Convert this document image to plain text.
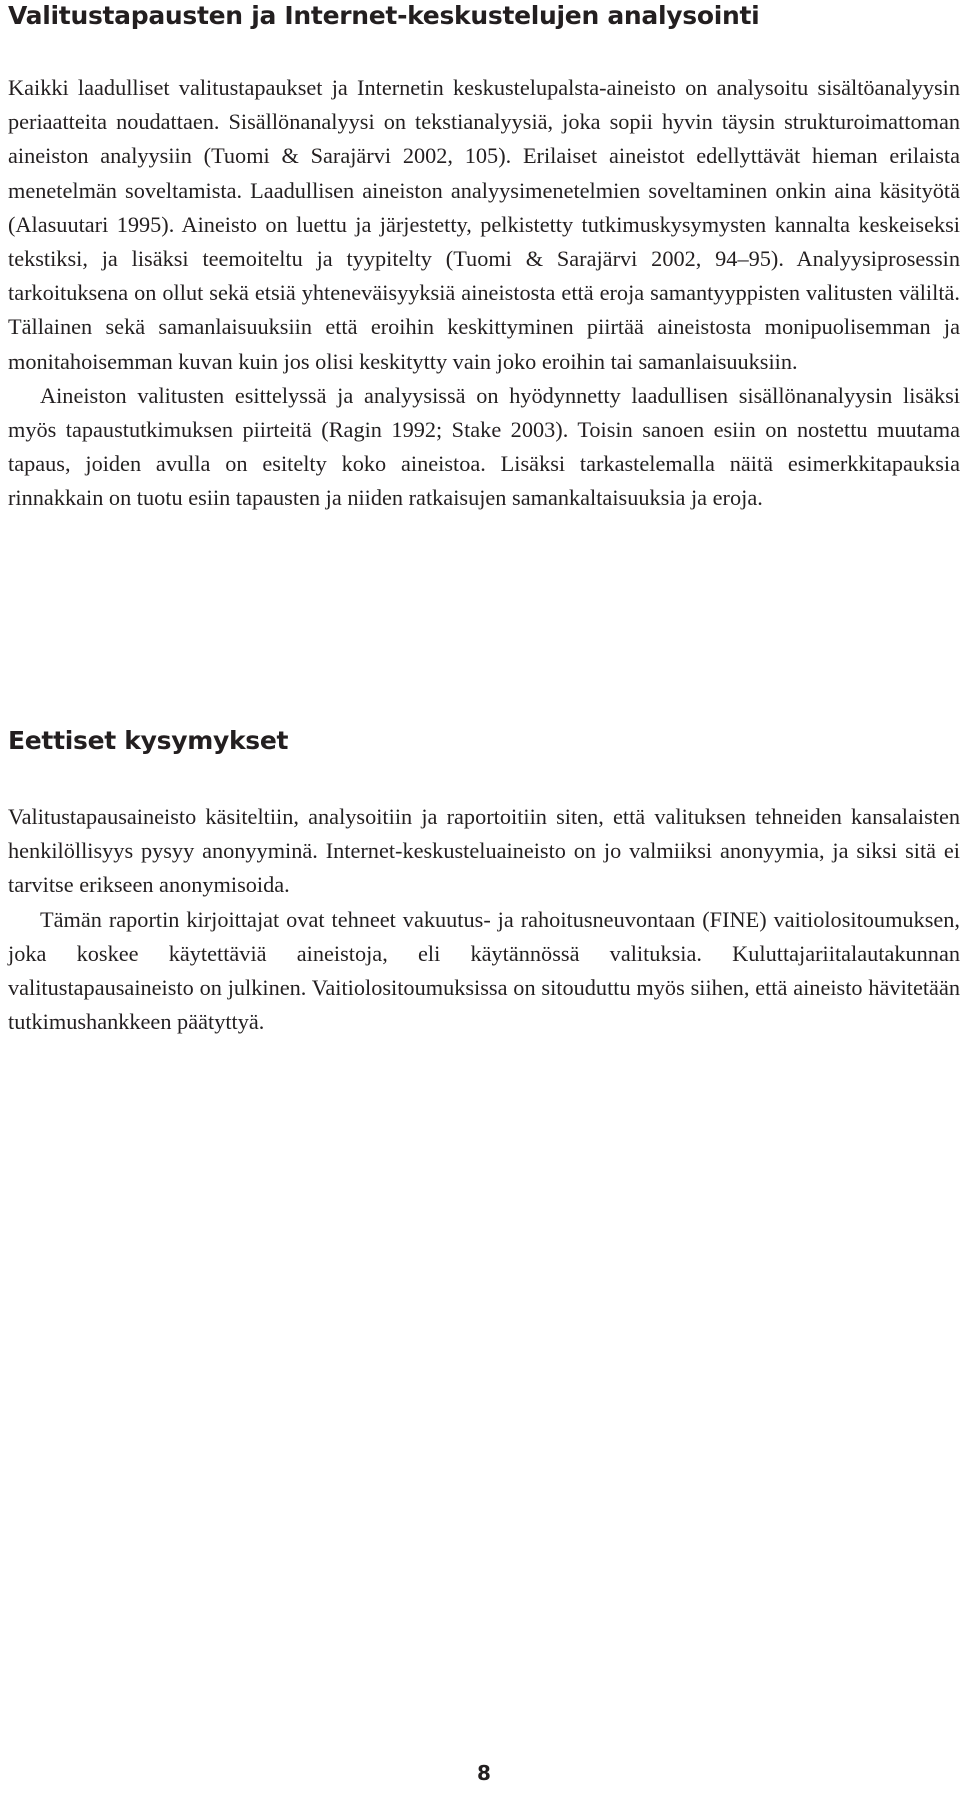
Valitustapausten ja Internet-keskustelujen analysointi

Kaikki laadulliset valitustapaukset ja Internetin keskustelupalsta-aineisto on analysoitu sisältöanalyysin periaatteita noudattaen. Sisällönanalyysi on tekstianalyysiä, joka sopii hyvin täysin strukturoimattoman aineiston analyysiin (Tuomi & Sarajärvi 2002, 105). Erilaiset aineistot edellyttävät hieman erilaista menetelmän soveltamista. Laadullisen aineiston analyysimenetelmien soveltaminen onkin aina käsityötä (Alasuutari 1995). Aineisto on luettu ja järjestetty, pelkistetty tutkimuskysymysten kannalta keskeiseksi tekstiksi, ja lisäksi teemoiteltu ja tyypitelty (Tuomi & Sarajärvi 2002, 94–95). Analyysiprosessin tarkoituksena on ollut sekä etsiä yhteneväisyyksiä aineistosta että eroja samantyyppisten valitusten väliltä. Tällainen sekä samanlaisuuksiin että eroihin keskittyminen piirtää aineistosta monipuolisemman ja monitahoisemman kuvan kuin jos olisi keskitytty vain joko eroihin tai samanlaisuuksiin.

Aineiston valitusten esittelyssä ja analyysissä on hyödynnetty laadullisen sisällönanalyysin lisäksi myös tapaustutkimuksen piirteitä (Ragin 1992; Stake 2003). Toisin sanoen esiin on nostettu muutama tapaus, joiden avulla on esitelty koko aineistoa. Lisäksi tarkastelemalla näitä esimerkkitapauksia rinnakkain on tuotu esiin tapausten ja niiden ratkaisujen samankaltaisuuksia ja eroja.

Eettiset kysymykset

Valitustapausaineisto käsiteltiin, analysoitiin ja raportoitiin siten, että valituksen tehneiden kansalaisten henkilöllisyys pysyy anonyyminä. Internet-keskusteluaineisto on jo valmiiksi anonyymia, ja siksi sitä ei tarvitse erikseen anonymisoida.

Tämän raportin kirjoittajat ovat tehneet vakuutus- ja rahoitusneuvontaan (FINE) vaitiolositoumuksen, joka koskee käytettäviä aineistoja, eli käytännössä valituksia. Kuluttajariitalautakunnan valitustapausaineisto on julkinen. Vaitiolositoumuksissa on sitouduttu myös siihen, että aineisto hävitetään tutkimushankkeen päätyttyä.

8
